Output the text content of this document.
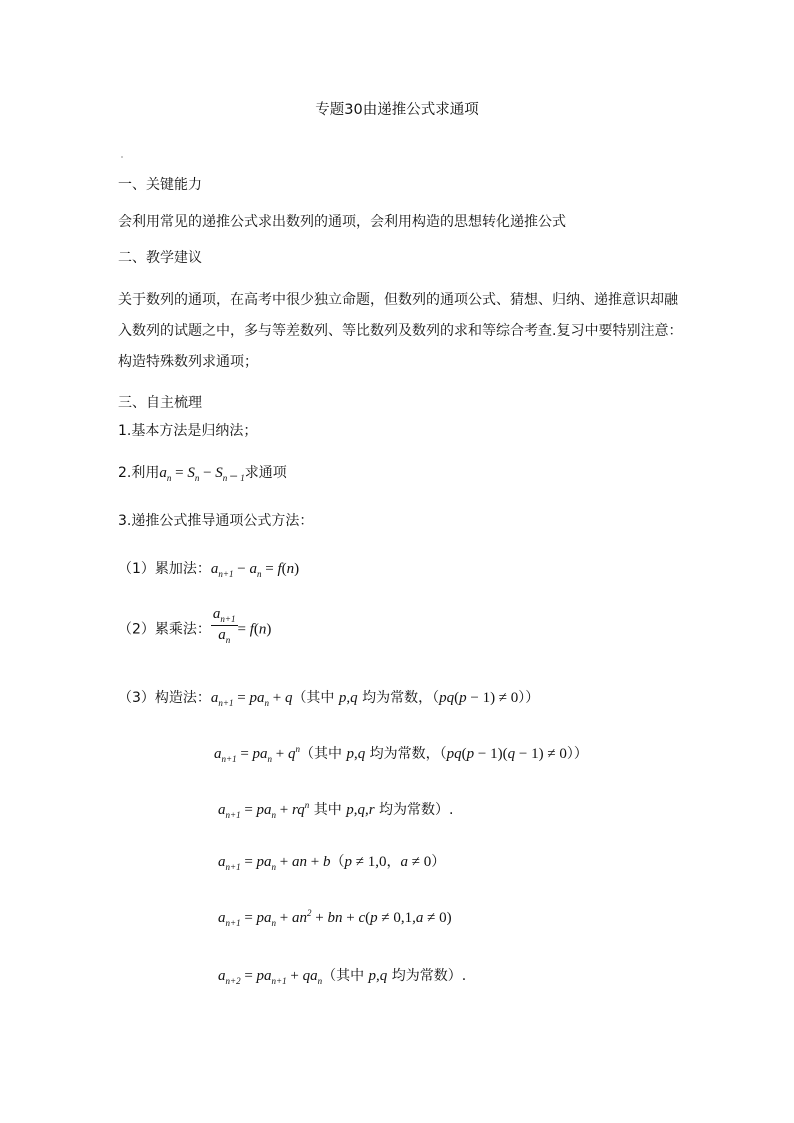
专题30由递推公式求通项
一、关键能力
会利用常见的递推公式求出数列的通项，会利用构造的思想转化递推公式
二、教学建议
关于数列的通项，在高考中很少独立命题，但数列的通项公式、猜想、归纳、递推意识却融
入数列的试题之中，多与等差数列、等比数列及数列的求和等综合考查.复习中要特别注意：
构造特殊数列求通项；
三、自主梳理
1.基本方法是归纳法；
2.利用$a_n = S_n - S_{n - 1}$求通项
3.递推公式推导通项公式方法：
（1）累加法：$a_{n+1} - a_n = f(n)$
（2）累乘法： $\frac{a_{n+1}}{a_n} = f(n)$
（3）构造法：$a_{n+1} = pa_n + q$（其中 p,q 均为常数，（pq(p − 1) ≠ 0））
$a_{n+1} = pa_n + q^n$（其中 p,q 均为常数，（pq(p − 1)(q − 1) ≠ 0））
$a_{n+1} = pa_n + rq^n$ 其中 p,q,r 均为常数）.
$a_{n+1} = pa_n$ + an + b（p ≠ 1,0，a ≠ 0）
$a_{n+1} = pa_n + an^2$ + bn + c(p ≠ 0,1,a ≠ 0)
$a_{n+2} = pa_{n+1} + qa_n$（其中 p,q 均为常数）.
